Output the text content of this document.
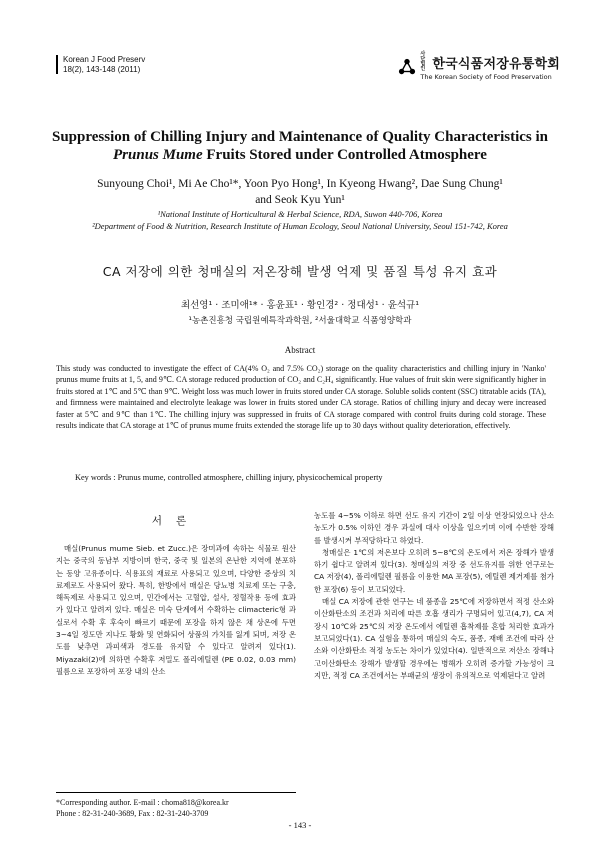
Korean J Food Preserv
18(2), 143-148 (2011)
사단법인 한국식품저장유통학회
The Korean Society of Food Preservation
Suppression of Chilling Injury and Maintenance of Quality Characteristics in
Prunus Mume Fruits Stored under Controlled Atmosphere
Sunyoung Choi¹, Mi Ae Cho¹*, Yoon Pyo Hong¹, In Kyeong Hwang², Dae Sung Chung¹
and Seok Kyu Yun¹
¹National Institute of Horticultural & Herbal Science, RDA, Suwon 440-706, Korea
²Department of Food & Nutrition, Research Institute of Human Ecology, Seoul National University, Seoul 151-742, Korea
CA 저장에 의한 청매실의 저온장해 발생 억제 및 품질 특성 유지 효과
최선영¹ · 조미애¹* · 홍윤표¹ · 황인경² · 정대성¹ · 윤석규¹
¹농촌진흥청 국립원예특작과학원, ²서울대학교 식품영양학과
Abstract
This study was conducted to investigate the effect of CA(4% O₂ and 7.5% CO₂) storage on the quality characteristics and chilling injury in 'Nanko' prunus mume fruits at 1, 5, and 9℃. CA storage reduced production of CO₂ and C₂H₄ significantly. Hue values of fruit skin were significantly higher in fruits stored at 1℃ and 5℃ than 9℃. Weight loss was much lower in fruits stored under CA storage. Soluble solids content (SSC) titratable acids (TA), and firmness were maintained and electrolyte leakage was lower in fruits stored under CA storage. Ratios of chilling injury and decay were increased faster at 5℃ and 9℃ than 1℃. The chilling injury was suppressed in fruits of CA storage compared with control fruits during cold storage. These results indicate that CA storage at 1℃ of prunus mume fruits extended the storage life up to 30 days without quality deterioration, effectively.
Key words : Prunus mume, controlled atmosphere, chilling injury, physicochemical property
서론

매실(Prunus mume Sieb. et Zucc.)은 장미과에 속하는 식물로 원산지는 중국의 동남부 지방이며 한국, 중국 및 일본의 온난한 지역에 분포하는 동양 고유종이다. 식용표의 재료로 사용되고 있으며, 다양한 증상의 치료제로도 사용되어 왔다. 특히, 한방에서 매실은 당뇨병 치료제 또는 구충, 해독제로 사용되고 있으며, 민간에서는 고혈압, 설사, 정혈작용 등에 효과가 있다고 알려져 있다. 매실은 미숙 단계에서 수확하는 climacteric형 과실로서 수확 후 후숙이 빠르기 때문에 포장을 하지 않은 채 상온에 두면 3~4일 정도만 지나도 황화 및 연화되어 상품의 가치를 잃게 되며, 저장 온도를 낮추면 과피색과 경도를 유지할 수 있다고 알려져 있다(1). Miyazaki(2)에 의하면 수확후 저밀도 폴리에틸렌 (PE 0.02, 0.03 mm) 필름으로 포장하여 포장 내의 산소

농도를 4~5% 이하로 하면 선도 유지 기간이 2일 이상 연장되었으나 산소 농도가 0.5% 이하인 경우 과실에 대사 이상을 일으키며 이에 수반한 장해를 발생시켜 부적당하다고 하였다.

청매실은 1℃의 저온보다 오히려 5~8℃의 온도에서 저온 장해가 발생하기 쉽다고 알려져 있다(3). 청매실의 저장 중 선도유지를 위한 연구로는 CA 저장(4), 폴리에틸렌 필름을 이용한 MA 포장(5), 에틸렌 제거제를 첨가한 포장(6) 등이 보고되었다.

매실 CA 저장에 관한 연구는 네 품종을 25℃에 저장하면서 적정 산소와 이산화탄소의 조건과 처리에 따른 호흡 생리가 구명되어 있고(4,7), CA 저장시 10℃와 25℃의 저장 온도에서 에틸렌 흡착제를 혼합 처리한 효과가 보고되었다(1). CA 실험을 통하여 매실의 숙도, 품종, 재배 조건에 따라 산소와 이산화탄소 적정 농도는 차이가 있었다(4). 일반적으로 저산소 장해나 고이산화탄소 장해가 발생할 경우에는 병해가 오히려 증가할 가능성이 크지만, 적정 CA 조건에서는 부패균의 생장이 유의적으로 억제된다고 알려

*Corresponding author. E-mail : choma818@korea.kr
Phone : 82-31-240-3689, Fax : 82-31-240-3709
- 143 -
